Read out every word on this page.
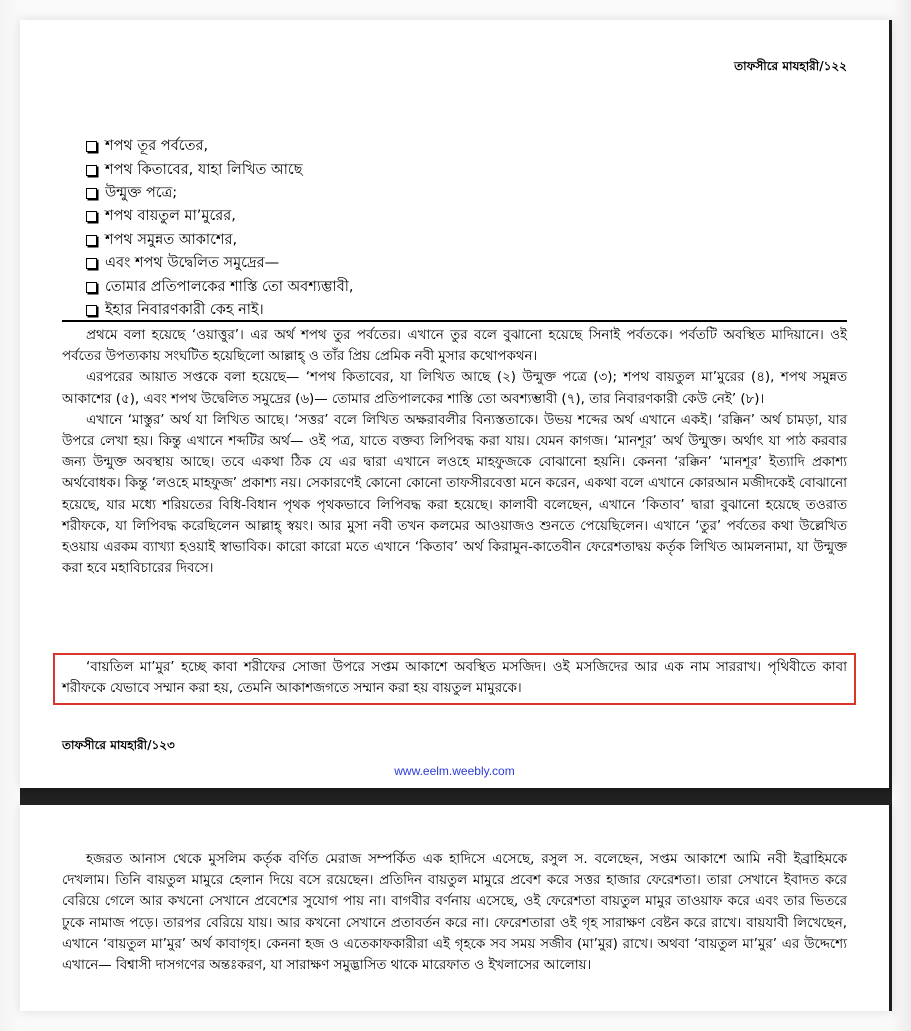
তাফসীরে মাযহারী/১২২
শপথ তূর পর্বতের,
শপথ কিতাবের, যাহা লিখিত আছে
উন্মুক্ত পত্রে;
শপথ বায়তুল মা’মুরের,
শপথ সমুন্নত আকাশের,
এবং শপথ উদ্বেলিত সমুদ্রের—
তোমার প্রতিপালকের শাস্তি তো অবশ্যম্ভাবী,
ইহার নিবারণকারী কেহ নাই।

প্রথমে বলা হয়েছে ‘ওয়াত্তুর’। এর অর্থ শপথ তুর পর্বতের। এখানে তুর বলে বুঝানো হয়েছে সিনাই পর্বতকে। পর্বতটি অবস্থিত মাদিয়ানে। ওই পর্বতের উপত্যকায় সংঘটিত হয়েছিলো আল্লাহ্ ও তাঁর প্রিয় প্রেমিক নবী মুসার কথোপকথন।

এরপরের আয়াত সপ্তকে বলা হয়েছে— ‘শপথ কিতাবের, যা লিখিত আছে (২) উন্মুক্ত পত্রে (৩); শপথ বায়তুল মা’মুরের (৪), শপথ সমুন্নত আকাশের (৫), এবং শপথ উদ্বেলিত সমুদ্রের (৬)— তোমার প্রতিপালকের শাস্তি তো অবশ্যম্ভাবী (৭), তার নিবারণকারী কেউ নেই’ (৮)।

এখানে ‘মাস্তুর’ অর্থ যা লিখিত আছে। ‘সত্তর’ বলে লিখিত অক্ষরাবলীর বিন্যস্ততাকে। উভয় শব্দের অর্থ এখানে একই। ‘রক্কিন’ অর্থ চামড়া, যার উপরে লেখা হয়। কিন্তু এখানে শব্দটির অর্থ— ওই পত্র, যাতে বক্তব্য লিপিবদ্ধ করা যায়। যেমন কাগজ। ‘মানশূর’ অর্থ উন্মুক্ত। অর্থাৎ যা পাঠ করবার জন্য উন্মুক্ত অবস্থায় আছে। তবে একথা ঠিক যে এর দ্বারা এখানে লওহে মাহফুজকে বোঝানো হয়নি। কেননা ‘রক্কিন’ ‘মানশূর’ ইত্যাদি প্রকাশ্য অর্থবোধক। কিন্তু ‘লওহে মাহফুজ’ প্রকাশ্য নয়। সেকারণেই কোনো কোনো তাফসীরবেত্তা মনে করেন, একথা বলে এখানে কোরআন মজীদকেই বোঝানো হয়েছে, যার মধ্যে শরিয়তের বিধি-বিধান পৃথক পৃথকভাবে লিপিবদ্ধ করা হয়েছে। কালাবী বলেছেন, এখানে ‘কিতাব’ দ্বারা বুঝানো হয়েছে তওরাত শরীফকে, যা লিপিবদ্ধ করেছিলেন আল্লাহ্ স্বয়ং। আর মুসা নবী তখন কলমের আওয়াজও শুনতে পেয়েছিলেন। এখানে ‘তুর’ পর্বতের কথা উল্লেখিত হওয়ায় এরকম ব্যাখ্যা হওয়াই স্বাভাবিক। কারো কারো মতে এখানে ‘কিতাব’ অর্থ কিরামুন-কাতেবীন ফেরেশতাদ্বয় কর্তৃক লিখিত আমলনামা, যা উন্মুক্ত করা হবে মহাবিচারের দিবসে।

‘বায়তিল মা’মুর’ হচ্ছে কাবা শরীফের সোজা উপরে সপ্তম আকাশে অবস্থিত মসজিদ। ওই মসজিদের আর এক নাম সাররাখ। পৃথিবীতে কাবা শরীফকে যেভাবে সম্মান করা হয়, তেমনি আকাশজগতে সম্মান করা হয় বায়তুল মামুরকে।

তাফসীরে মাযহারী/১২৩
www.eelm.weebly.com

হজরত আনাস থেকে মুসলিম কর্তৃক বর্ণিত মেরাজ সম্পর্কিত এক হাদিসে এসেছে, রসুল স. বলেছেন, সপ্তম আকাশে আমি নবী ইব্রাহিমকে দেখলাম। তিনি বায়তুল মামুরে হেলান দিয়ে বসে রয়েছেন। প্রতিদিন বায়তুল মামুরে প্রবেশ করে সত্তর হাজার ফেরেশতা। তারা সেখানে ইবাদত করে বেরিয়ে গেলে আর কখনো সেখানে প্রবেশের সুযোগ পায় না। বাগবীর বর্ণনায় এসেছে, ওই ফেরেশতা বায়তুল মামুর তাওয়াফ করে এবং তার ভিতরে ঢুকে নামাজ পড়ে। তারপর বেরিয়ে যায়। আর কখনো সেখানে প্রতাবর্তন করে না। ফেরেশতারা ওই গৃহ সারাক্ষণ বেষ্টন করে রাখে। বায়যাবী লিখেছেন, এখানে ‘বায়তুল মা’মুর’ অর্থ কাবাগৃহ। কেননা হজ ও এতেকাফকারীরা এই গৃহকে সব সময় সজীব (মা’মুর) রাখে। অথবা ‘বায়তুল মা’মুর’ এর উদ্দেশ্যে এখানে— বিশ্বাসী দাসগণের অন্তঃকরণ, যা সারাক্ষণ সমুদ্ভাসিত থাকে মারেফাত ও ইখলাসের আলোয়।
